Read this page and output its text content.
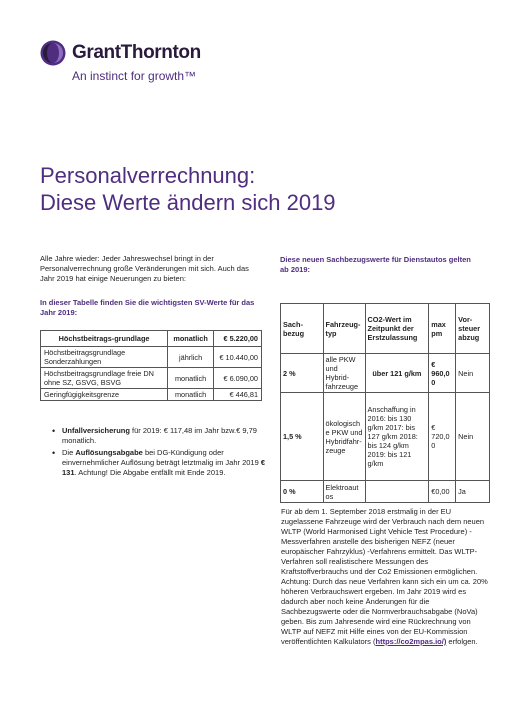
GrantThornton
An instinct for growth™
Personalverrechnung:
Diese Werte ändern sich 2019
Alle Jahre wieder: Jeder Jahreswechsel bringt in der Personalverrechnung große Veränderungen mit sich. Auch das Jahr 2019 hat einige Neuerungen zu bieten:
In dieser Tabelle finden Sie die wichtigsten SV-Werte für das Jahr 2019:
Höchstbeitrags-grundlage	monatlich	€ 5.220,00
Höchstbeitragsgrundlage Sonderzahlungen	jährlich	€ 10.440,00
Höchstbeitragsgrundlage freie DN ohne SZ, GSVG, BSVG	monatlich	€ 6.090,00
Geringfügigkeitsgrenze	monatlich	€ 446,81
• Unfallversicherung für 2019: € 117,48 im Jahr bzw.€ 9,79 monatlich.
• Die Auflösungsabgabe bei DG-Kündigung oder einvernehmlicher Auflösung beträgt letztmalig im Jahr 2019 € 131. Achtung! Die Abgabe entfällt mit Ende 2019.
Diese neuen Sachbezugswerte für Dienstautos gelten ab 2019:
Sach-bezug	Fahrzeug-typ	CO2-Wert im Zeitpunkt der Erstzulassung	max pm	Vor-steuer abzug
2 %	alle PKW und Hybrid-fahrzeuge	über 121 g/km	€ 960,0 0	Nein
1,5 %	ökologisch e PKW und Hybridfahr-zeuge	Anschaffung in 2016: bis 130 g/km 2017: bis 127 g/km 2018: bis 124 g/km 2019: bis 121 g/km	€ 720,0 0	Nein
0 %	Elektroaut os		€0,00	Ja
Für ab dem 1. September 2018 erstmalig in der EU zugelassene Fahrzeuge wird der Verbrauch nach dem neuen WLTP (World Harmonised Light Vehicle Test Procedure) -Messverfahren anstelle des bisherigen NEFZ (neuer europäischer Fahrzyklus) -Verfahrens ermittelt. Das WLTP-Verfahren soll realistischere Messungen des Kraftstoffverbrauchs und der Co2 Emissionen ermöglichen. Achtung: Durch das neue Verfahren kann sich ein um ca. 20% höheren Verbrauchswert ergeben. Im Jahr 2019 wird es dadurch aber noch keine Änderungen für die Sachbezugswerte oder die Normverbrauchsabgabe (NoVa) geben. Bis zum Jahresende wird eine Rückrechnung von WLTP auf NEFZ mit Hilfe eines von der EU-Kommission veröffentlichten Kalkulators (https://co2mpas.io/) erfolgen.
